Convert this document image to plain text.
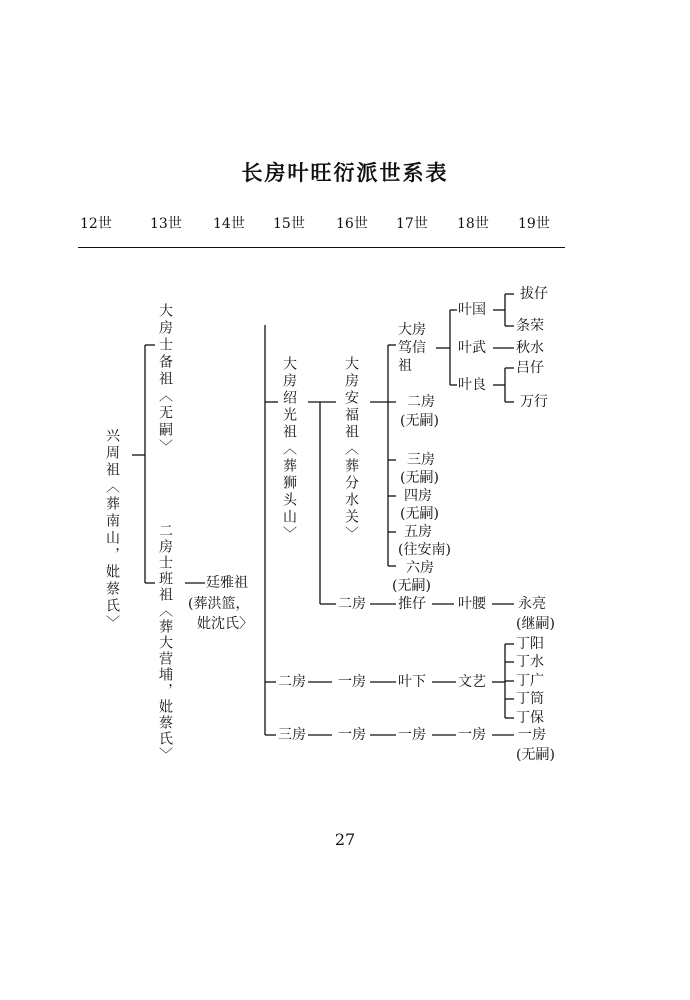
长房叶旺衍派世系表
12世	13世 14世 15世 16世 17世 18世 19世
兴周祖〈葬南山，妣蔡氏〉
大房士备祖〈无嗣〉
二房士班祖〈葬大营埔，妣蔡氏〉 廷雅祖
(葬洪篮，
妣沈氏〉
大房绍光祖〈葬狮头山〉	大房安福祖〈葬分水关〉
大房
笃信
祖
二房
(无嗣)
三房
(无嗣)
四房
(无嗣)
五房
(往安南)
六房
(无嗣)
叶国
叶武
叶良
拔仔
条荣
秋水
吕仔
万行
二房 推仔 叶腰 永亮
(继嗣)
二房 一房 叶下 文艺
丁阳
丁水
丁广
丁筒
丁保
三房 一房 一房 一房 一房
(无嗣)
27
